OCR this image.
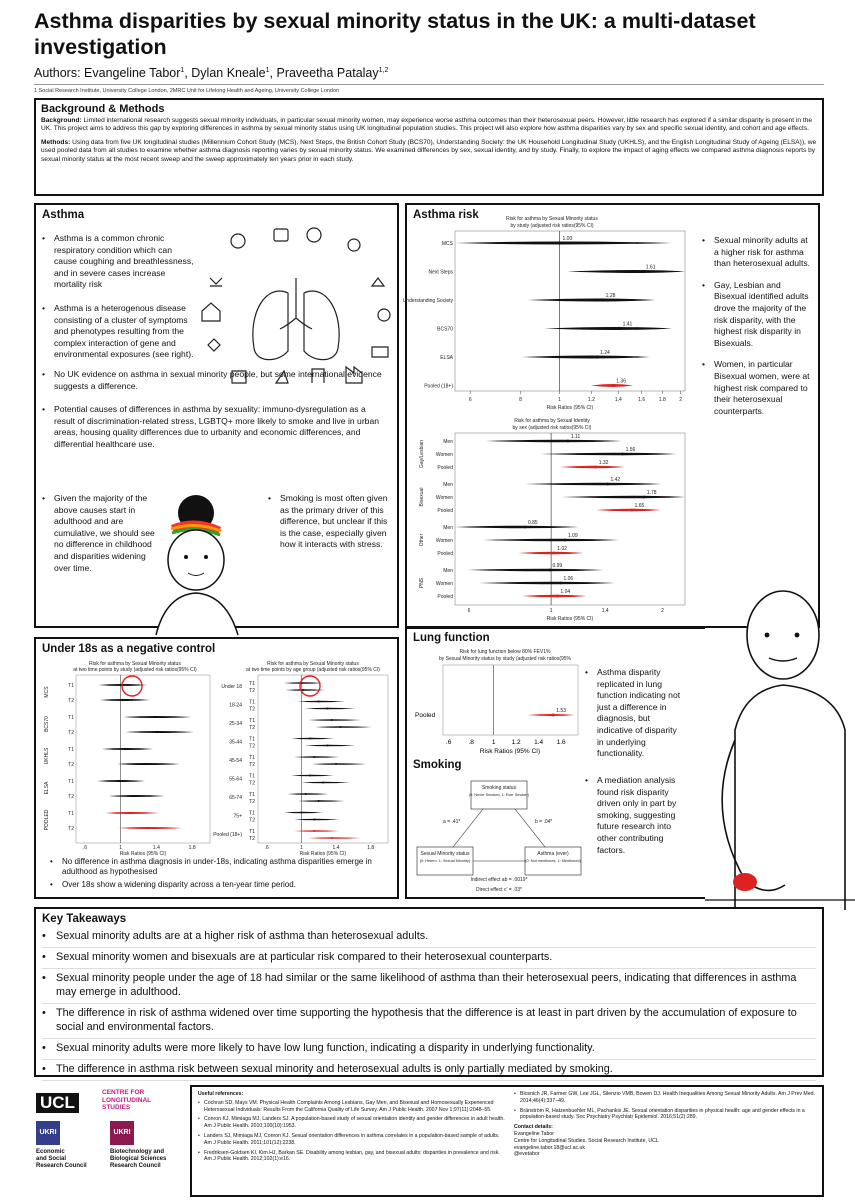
Asthma disparities by sexual minority status in the UK: a multi-dataset investigation
Authors: Evangeline Tabor$^1$, Dylan Kneale$^1$, Praveetha Patalay$^{1,2}$
1 Social Research Institute, University College London, 2MRC Unit for Lifelong Health and Ageing, University College London
Background & Methods
Background: Limited international research suggests sexual minority individuals, in particular sexual minority women, may experience worse asthma outcomes than their heterosexual peers. However, little research has explored if a similar disparity is present in the UK. This project aims to address this gap by exploring differences in asthma by sexual minority status using UK longitudinal population studies. This project will also explore how asthma disparities vary by sex and specific sexual identity, and cohort and age effects.
Methods: Using data from five UK longitudinal studies (Millennium Cohort Study (MCS), Next Steps, the British Cohort Study (BCS70), Understanding Society: the UK Household Longitudinal Study (UKHLS), and the English Longitudinal Study of Ageing (ELSA)), we used pooled data from all studies to examine whether asthma diagnosis reporting varies by sexual minority status. We examined differences by sex, sexual identity, and by study. Finally, to explore the impact of aging effects we compared asthma diagnosis reports by sexual minority status at the most recent sweep and the sweep approximately ten years prior in each study.
Asthma
• Asthma is a common chronic respiratory condition which can cause coughing and breathlessness, and in severe cases increase mortality risk
• Asthma is a heterogenous disease consisting of a cluster of symptoms and phenotypes resulting from the complex interaction of gene and environmental exposures (see right).
• No UK evidence on asthma in sexual minority people, but some international evidence suggests a difference.
• Potential causes of differences in asthma by sexuality: immuno-dysregulation as a result of discrimination-related stress, LGBTQ+ more likely to smoke and live in urban areas, housing quality differences due to urbanity and economic differences, and differential healthcare use.
• Given the majority of the above causes start in adulthood and are cumulative, we should see no difference in childhood and disparities widening over time.
• Smoking is most often given as the primary driver of this difference, but unclear if this is the case, especially given how it interacts with stress.
Asthma risk	Risk for asthma by Sexual Minority status
by study (adjusted risk ratios(95% CI)
6	8	1	1.2	1.4	1.6	1.8	2
MCS
1.00
Next Steps
1.61
Understanding Society
1.28
BCS70
1.41
ELSA
1.24
Pooled (18+)
1.36
Risk Ratios (95% CI)
Risk for asthma by Sexual Identity
by sex (adjusted risk ratios(95% CI)
6	1	1.4	2
Men
1.11
Women
1.56
Pooled
1.32
Men
1.42
Women
1.78
Pooled
1.65
Men
0.85
Women
1.09
Pooled
1.02
Men
0.99
Women
1.06
Pooled
1.04
Gay/Lesbian
Bisexual
Other
PNS
Risk Ratios (95% CI)
• Sexual minority adults at a higher risk for asthma than heterosexual adults.
• Gay, Lesbian and Bisexual identified adults drove the majority of the risk disparity, with the highest risk disparity in Bisexuals.
• Women, in particular Bisexual women, were at highest risk compared to their heterosexual counterparts.
Under 18s as a negative control
Risk for asthma by Sexual Minority status
at two time points by study (adjusted risk ratios(95% CI)
.6	1	1.4	1.8
T1
T2
T1
T2
T1
T2
T1
T2
T1
T2
MCS
BCS70
UKHLS
ELSA
POOLED
Risk Ratios (95% CI)
Risk for asthma by Sexual Minority status
at two time points by age group (adjusted risk ratios(95% CI)
.6	1	1.4	1.8
Under 18 T1
T2
18-24 T1
T2
25-34 T1
T2
35-44 T1
T2
45-54 T1
T2
55-64 T1
T2
65-74 T1
T2
75+ T1
T2
Pooled (18+) T1
T2
Risk Ratios (95% CI)
• No difference in asthma diagnosis in under-18s, indicating asthma disparities emerge in adulthood as hypothesised
• Over 18s show a widening disparity across a ten-year time period.
Lung function
Risk for lung function below 80% FEV1%
by Sexual Minority status by study (adjusted risk ratios(95%
.6	.8	1 1.2 1.4 1.6
Pooled
1.53
Risk Ratios (95% CI)
• Asthma disparity replicated in lung function indicating not just a difference in diagnosis, but indicative of disparity in underlying functionality.
Smoking
Smoking status
(0: Never Smoked, 1: Ever Smoker)
Sexual Minority status
(0: Hetero, 1: Sexual Minority)
Asthma (ever)
(0: Not mentioned, 1: Mentioned)
a = .41*	b = .04*
Indirect effect ab = .0019*
Direct effect c' = .03*
• A mediation analysis found risk disparity driven only in part by smoking, suggesting future research into other contributing factors.
Key Takeaways
• Sexual minority adults are at a higher risk of asthma than heterosexual adults.
• Sexual minority women and bisexuals are at particular risk compared to their heterosexual counterparts.
• Sexual minority people under the age of 18 had similar or the same likelihood of asthma than their heterosexual peers, indicating that differences in asthma may emerge in adulthood.
• The difference in risk of asthma widened over time supporting the hypothesis that the difference is at least in part driven by the accumulation of exposure to social and environmental factors.
• Sexual minority adults were more likely to have low lung function, indicating a disparity in underlying functionality.
• The difference in asthma risk between sexual minority and heterosexual adults is only partially mediated by smoking.
UCL
CENTRE FOR
LONGITUDINAL
STUDIES
UKRI
Economic
and Social
Research Council
UKRI
Biotechnology and
Biological Sciences
Research Council
Useful references:

• Cochran SD, Mays VM. Physical Health Complaints Among Lesbians, Gay Men, and Bisexual and Homosexually Experienced Heterosexual Individuals: Results From the California Quality of Life Survey. Am J Public Health. 2007 Nov 1;97(11):2048–55.

• Conron KJ, Mimiaga MJ, Landers SJ. A population-based study of sexual orientation identity and gender differences in adult health. Am J Public Health. 2010;100(10):1953.

• Landers SJ, Mimiaga MJ, Conron KJ. Sexual orientation differences in asthma correlates in a population-based sample of adults. Am J Public Health. 2011;101(12):2238.

• Fredriksen-Goldsen KI, Kim HJ, Barkan SE. Disability among lesbian, gay, and bisexual adults: disparities in prevalence and risk. Am J Public Health. 2012;102(1):e16.

• Blosnich JR, Farmer GW, Lee JGL, Silenzio VMB, Bowen DJ. Health Inequalities Among Sexual Minority Adults. Am J Prev Med. 2014;46(4):337–49.

• Bränström R, Hatzenbuehler ML, Pachankis JE. Sexual orientation disparities in physical health: age and gender effects in a population-based study. Soc Psychiatry Psychiatr Epidemiol. 2016;51(2):289.

Contact details:
Evangeline Tabor
Centre for Longitudinal Studies, Social Research Institute, UCL
evangeline.tabor.18@ucl.ac.uk
@evetabor
